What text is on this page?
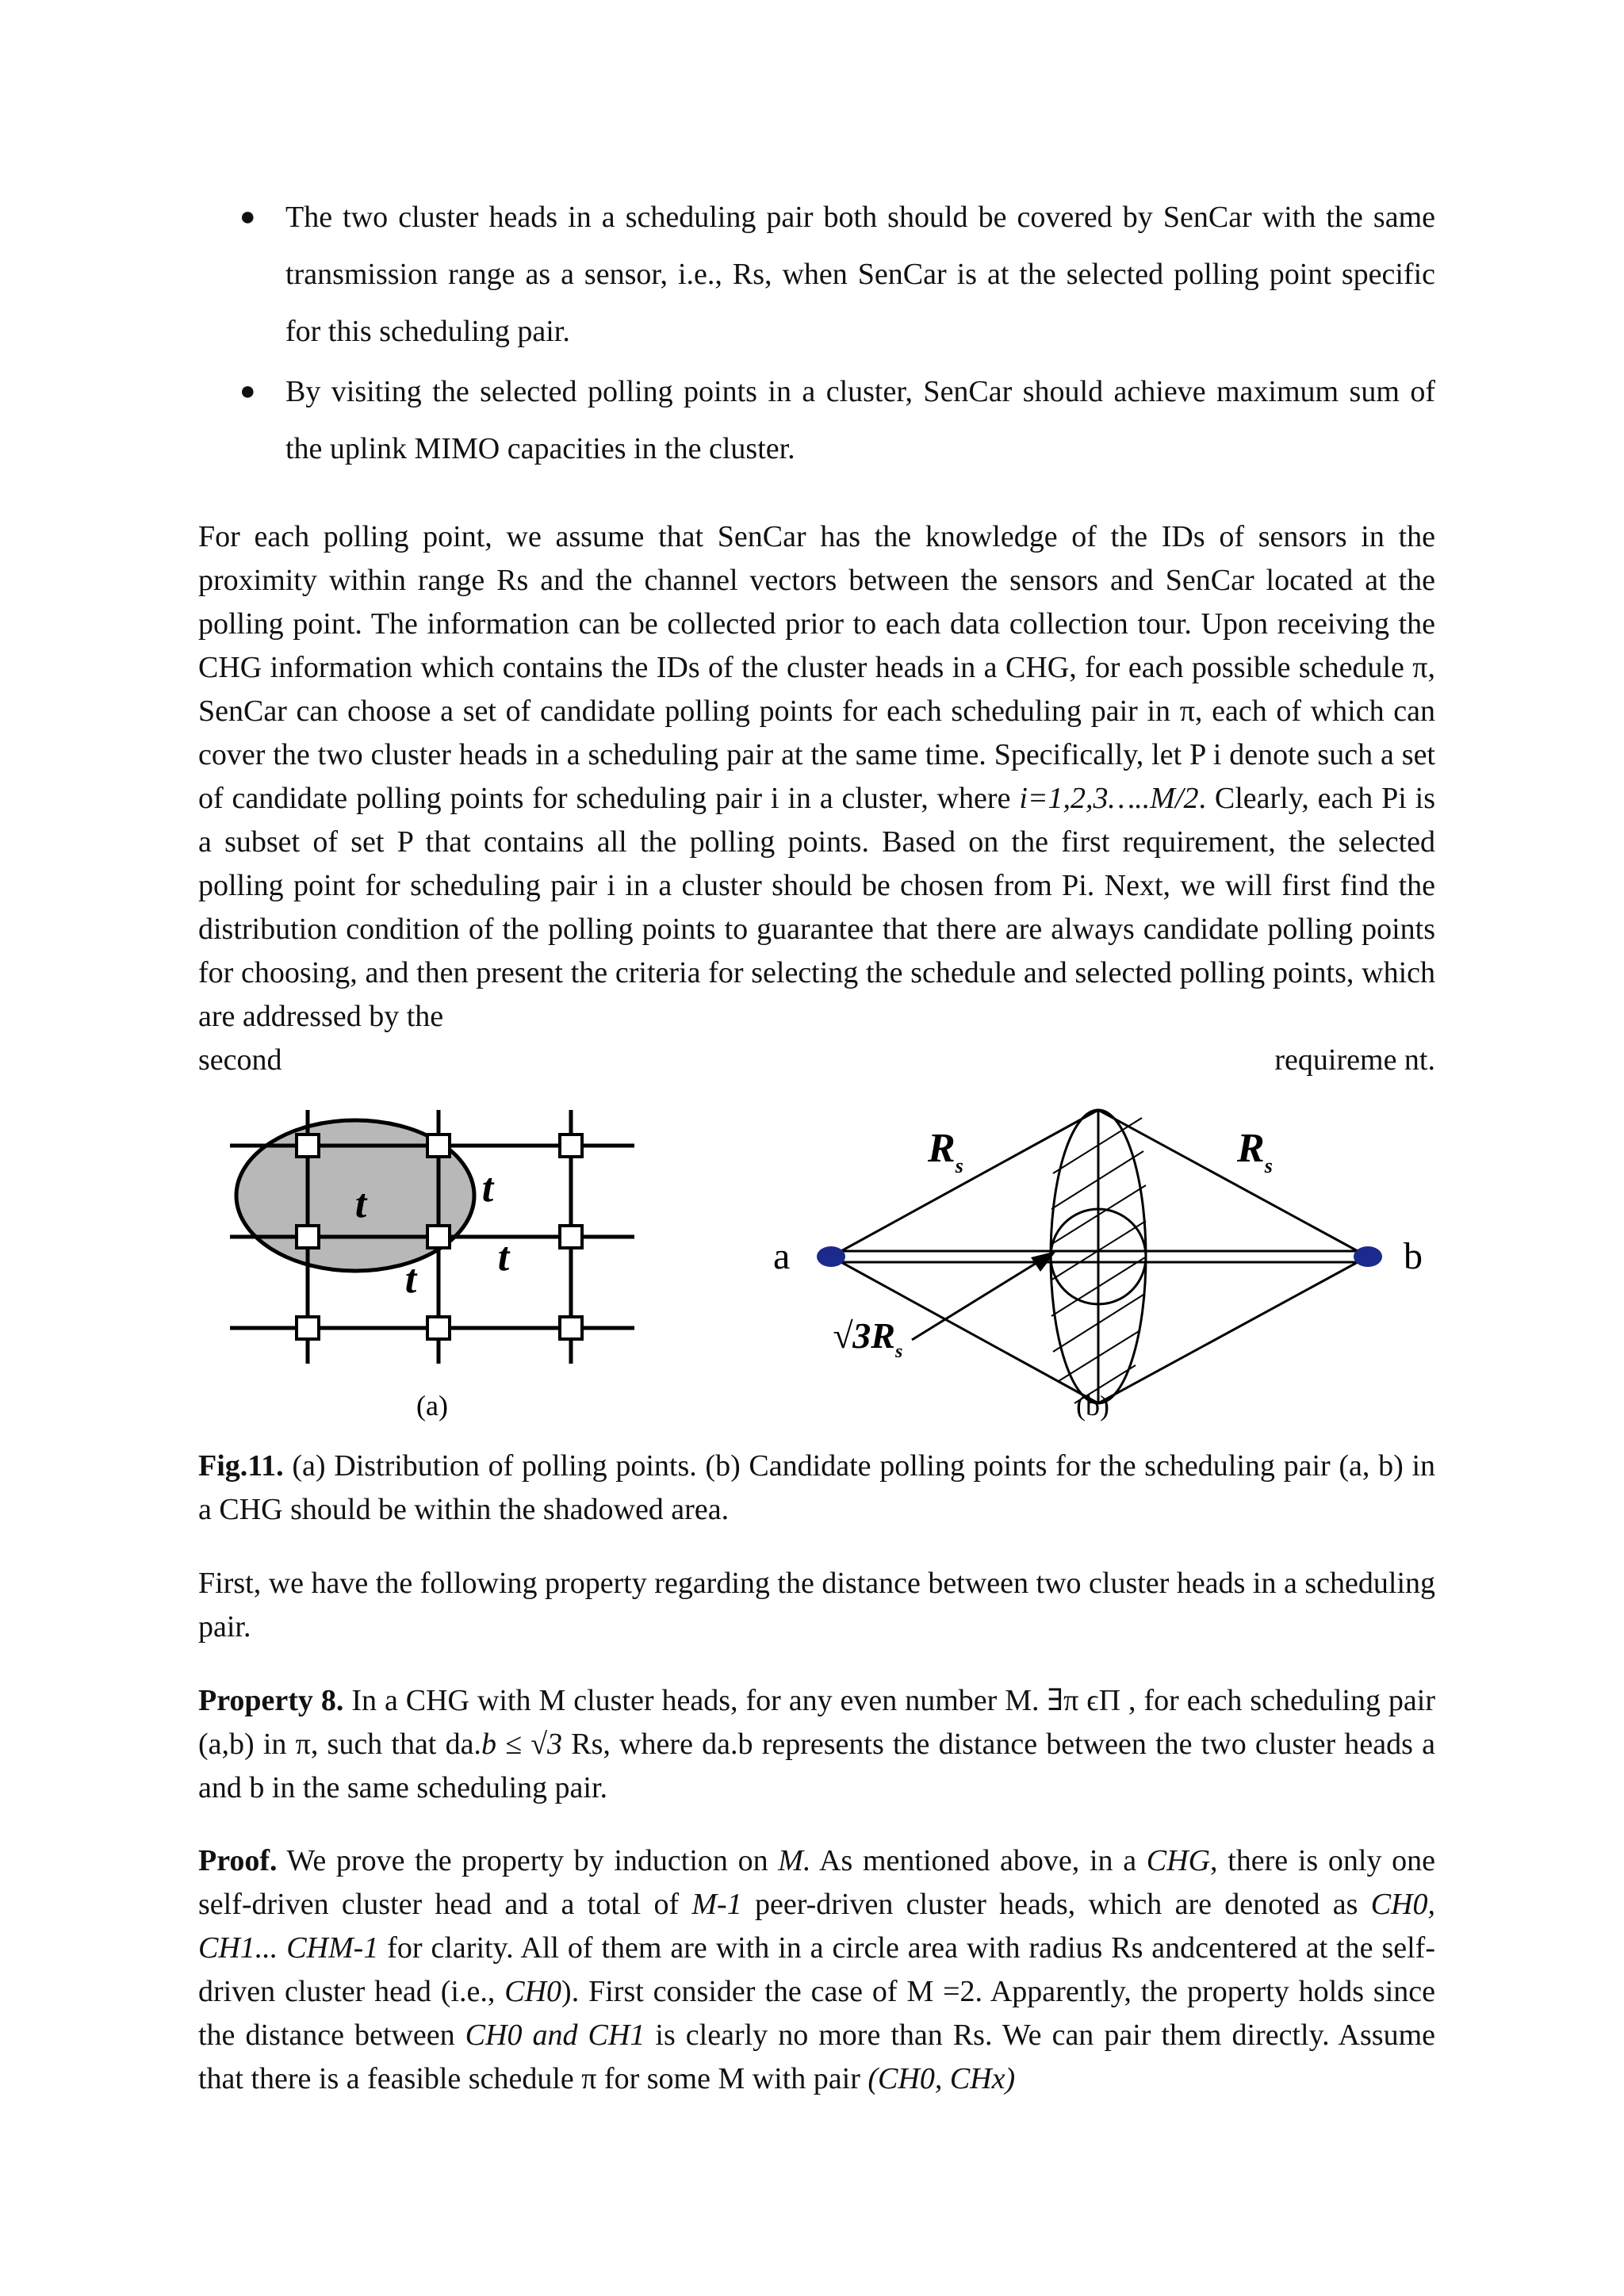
● The two cluster heads in a scheduling pair both should be covered by SenCar with the same transmission range as a sensor, i.e., Rs, when SenCar is at the selected polling point specific for this scheduling pair.
● By visiting the selected polling points in a cluster, SenCar should achieve maximum sum of the uplink MIMO capacities in the cluster.
For each polling point, we assume that SenCar has the knowledge of the IDs of sensors in the proximity within range Rs and the channel vectors between the sensors and SenCar located at the polling point. The information can be collected prior to each data collection tour. Upon receiving the CHG information which contains the IDs of the cluster heads in a CHG, for each possible schedule π, SenCar can choose a set of candidate polling points for each scheduling pair in π, each of which can cover the two cluster heads in a scheduling pair at the same time. Specifically, let P i denote such a set of candidate polling points for scheduling pair i in a cluster, where i=1,2,3…..M/2. Clearly, each Pi is a subset of set P that contains all the polling points. Based on the first requirement, the selected polling point for scheduling pair i in a cluster should be chosen from Pi. Next, we will first find the distribution condition of the polling points to guarantee that there are always candidate polling points for choosing, and then present the criteria for selecting the schedule and selected polling points, which are addressed by the
second	requireme nt.
t	t
t t
(a)
a	b
$R_s$	$R_s$
$√3R_s$
(b)
Fig.11. (a) Distribution of polling points. (b) Candidate polling points for the scheduling pair (a, b) in a CHG should be within the shadowed area.
First, we have the following property regarding the distance between two cluster heads in a scheduling pair.
Property 8. In a CHG with M cluster heads, for any even number M. ∃π ϵΠ , for each scheduling pair (a,b) in π, such that da.b ≤ √3 Rs, where da.b represents the distance between the two cluster heads a and b in the same scheduling pair.
Proof. We prove the property by induction on M. As mentioned above, in a CHG, there is only one self-driven cluster head and a total of M-1 peer-driven cluster heads, which are denoted as CH0, CH1... CHM-1 for clarity. All of them are with in a circle area with radius Rs andcentered at the self-driven cluster head (i.e., CH0). First consider the case of M =2. Apparently, the property holds since the distance between CH0 and CH1 is clearly no more than Rs. We can pair them directly. Assume that there is a feasible schedule π for some M with pair (CH0, CHx)
